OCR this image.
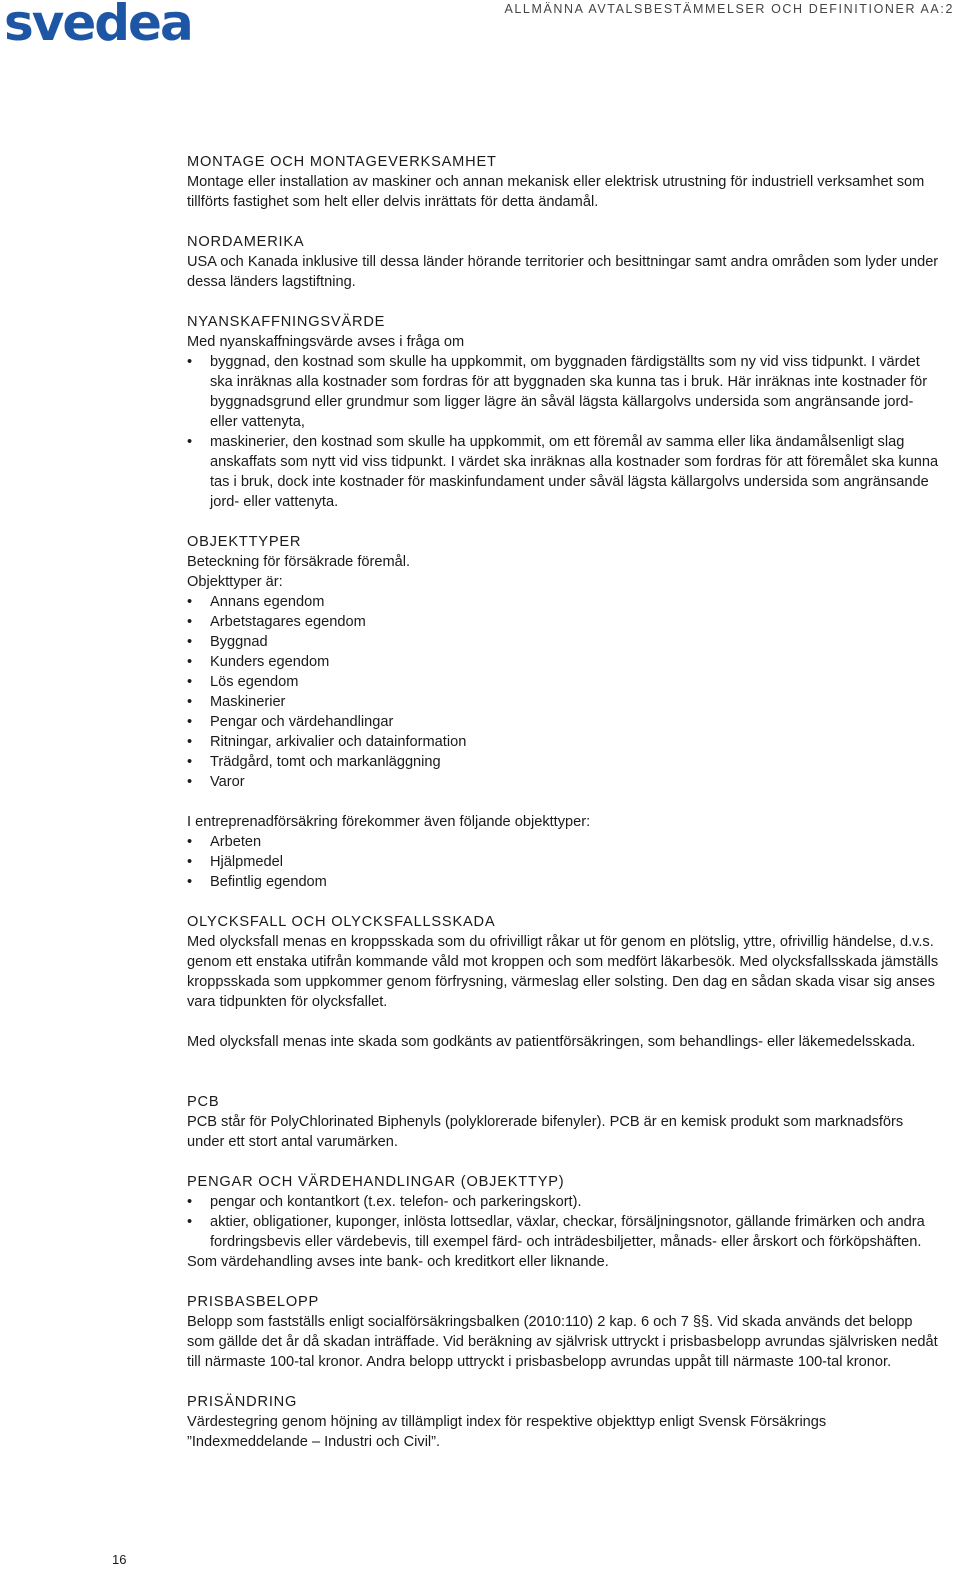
svedea	ALLMÄNNA AVTALSBESTÄMMELSER OCH DEFINITIONER AA:2
MONTAGE OCH MONTAGEVERKSAMHET

Montage eller installation av maskiner och annan mekanisk eller elektrisk utrustning för industriell verksamhet som tillförts fastighet som helt eller delvis inrättats för detta ändamål.

NORDAMERIKA

USA och Kanada inklusive till dessa länder hörande territorier och besittningar samt andra områden som lyder under dessa länders lagstiftning.

NYANSKAFFNINGSVÄRDE

Med nyanskaffningsvärde avses i fråga om

• byggnad, den kostnad som skulle ha uppkommit, om byggnaden färdigställts som ny vid viss tidpunkt. I värdet ska inräknas alla kostnader som fordras för att byggnaden ska kunna tas i bruk. Här inräknas inte kostnader för byggnadsgrund eller grundmur som ligger lägre än såväl lägsta källargolvs undersida som angränsande jord- eller vattenyta,
• maskinerier, den kostnad som skulle ha uppkommit, om ett föremål av samma eller lika ändamålsenligt slag anskaffats som nytt vid viss tidpunkt. I värdet ska inräknas alla kostnader som fordras för att föremålet ska kunna tas i bruk, dock inte kostnader för maskinfundament under såväl lägsta källargolvs undersida som angränsande jord- eller vattenyta.
OBJEKTTYPER

Beteckning för försäkrade föremål.

Objekttyper är:

• Annans egendom
• Arbetstagares egendom
• Byggnad
• Kunders egendom
• Lös egendom
• Maskinerier
• Pengar och värdehandlingar
• Ritningar, arkivalier och datainformation
• Trädgård, tomt och markanläggning
• Varor

I entreprenadförsäkring förekommer även följande objekttyper:

• Arbeten
• Hjälpmedel
• Befintlig egendom
OLYCKSFALL OCH OLYCKSFALLSSKADA

Med olycksfall menas en kroppsskada som du ofrivilligt råkar ut för genom en plötslig, yttre, ofrivillig händelse, d.v.s. genom ett enstaka utifrån kommande våld mot kroppen och som medfört läkarbesök. Med olycksfallsskada jämställs kroppsskada som uppkommer genom förfrysning, värmeslag eller solsting. Den dag en sådan skada visar sig anses vara tidpunkten för olycksfallet.

Med olycksfall menas inte skada som godkänts av patientförsäkringen, som behandlings- eller läkemedelsskada.

PCB

PCB står för PolyChlorinated Biphenyls (polyklorerade bifenyler). PCB är en kemisk produkt som marknadsförs under ett stort antal varumärken.

PENGAR OCH VÄRDEHANDLINGAR (OBJEKTTYP)
• pengar och kontantkort (t.ex. telefon- och parkeringskort).
• aktier, obligationer, kuponger, inlösta lottsedlar, växlar, checkar, försäljningsnotor, gällande frimärken och andra fordringsbevis eller värdebevis, till exempel färd- och inträdesbiljetter, månads- eller årskort och förköpshäften.

Som värdehandling avses inte bank- och kreditkort eller liknande.

PRISBASBELOPP

Belopp som fastställs enligt socialförsäkringsbalken (2010:110) 2 kap. 6 och 7 §§. Vid skada används det belopp som gällde det år då skadan inträffade. Vid beräkning av självrisk uttryckt i prisbasbelopp avrundas självrisken nedåt till närmaste 100-tal kronor. Andra belopp uttryckt i prisbasbelopp avrundas uppåt till närmaste 100-tal kronor.

PRISÄNDRING

Värdestegring genom höjning av tillämpligt index för respektive objekttyp enligt Svensk Försäkrings ”Indexmeddelande – Industri och Civil”.

16
